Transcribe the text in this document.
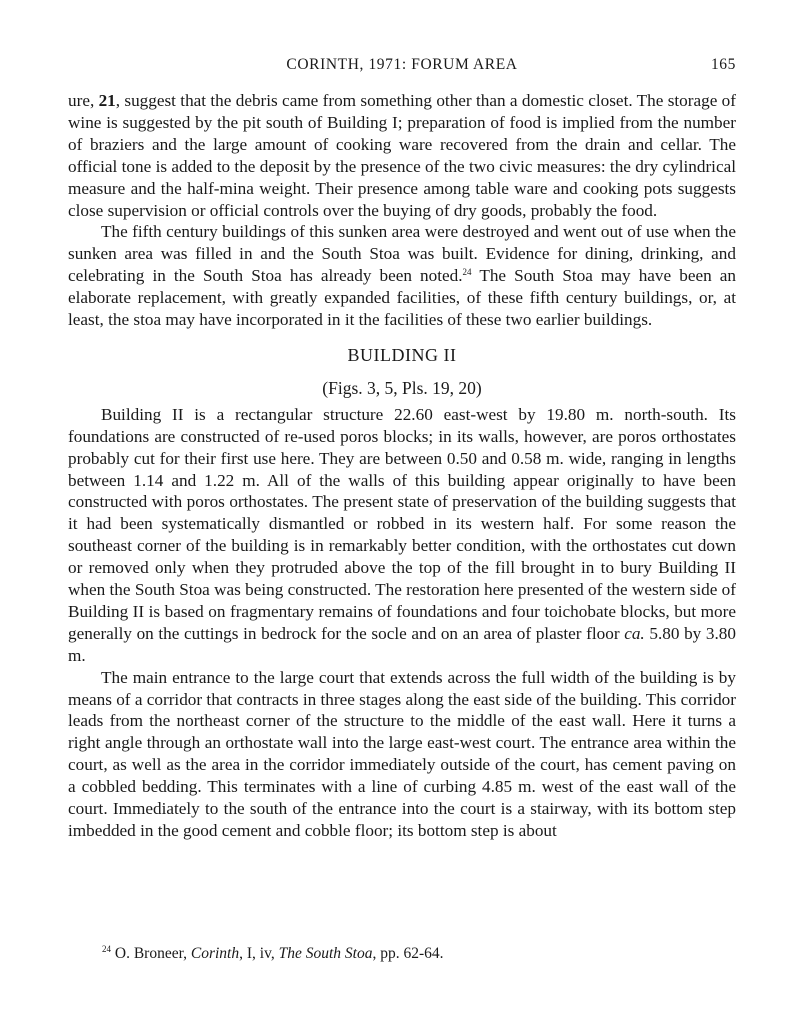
CORINTH, 1971: FORUM AREA	165

ure, 21, suggest that the debris came from something other than a domestic closet. The storage of wine is suggested by the pit south of Building I; preparation of food is implied from the number of braziers and the large amount of cooking ware recovered from the drain and cellar. The official tone is added to the deposit by the presence of the two civic measures: the dry cylindrical measure and the half-mina weight. Their presence among table ware and cooking pots suggests close supervision or official controls over the buying of dry goods, probably the food.

The fifth century buildings of this sunken area were destroyed and went out of use when the sunken area was filled in and the South Stoa was built. Evidence for dining, drinking, and celebrating in the South Stoa has already been noted.$^{24}$ The South Stoa may have been an elaborate replacement, with greatly expanded facilities, of these fifth century buildings, or, at least, the stoa may have incorporated in it the facilities of these two earlier buildings.

BUILDING II
(Figs. 3, 5, Pls. 19, 20)

Building II is a rectangular structure 22.60 east-west by 19.80 m. north-south. Its foundations are constructed of re-used poros blocks; in its walls, however, are poros orthostates probably cut for their first use here. They are between 0.50 and 0.58 m. wide, ranging in lengths between 1.14 and 1.22 m. All of the walls of this building appear originally to have been constructed with poros orthostates. The present state of preservation of the building suggests that it had been systematically dismantled or robbed in its western half. For some reason the southeast corner of the building is in remarkably better condition, with the orthostates cut down or removed only when they protruded above the top of the fill brought in to bury Building II when the South Stoa was being constructed. The restoration here presented of the western side of Building II is based on fragmentary remains of foundations and four toichobate blocks, but more generally on the cuttings in bedrock for the socle and on an area of plaster floor ca. 5.80 by 3.80 m.

The main entrance to the large court that extends across the full width of the building is by means of a corridor that contracts in three stages along the east side of the building. This corridor leads from the northeast corner of the structure to the middle of the east wall. Here it turns a right angle through an orthostate wall into the large east-west court. The entrance area within the court, as well as the area in the corridor immediately outside of the court, has cement paving on a cobbled bedding. This terminates with a line of curbing 4.85 m. west of the east wall of the court. Immediately to the south of the entrance into the court is a stairway, with its bottom step imbedded in the good cement and cobble floor; its bottom step is about

$^{24}$ O. Broneer, Corinth, I, iv, The South Stoa, pp. 62-64.
